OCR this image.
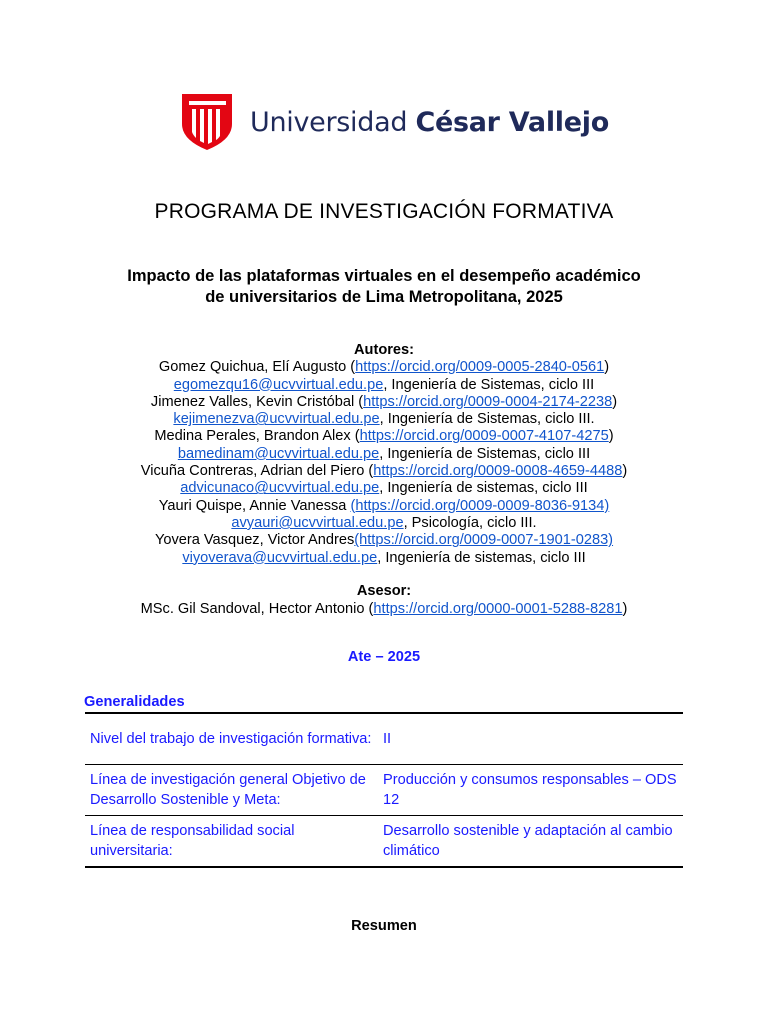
Universidad César Vallejo
PROGRAMA DE INVESTIGACIÓN FORMATIVA
Impacto de las plataformas virtuales en el desempeño académico
de universitarios de Lima Metropolitana, 2025
Autores:
Gomez Quichua, Elí Augusto (https://orcid.org/0009-0005-2840-0561)
egomezqu16@ucvvirtual.edu.pe, Ingeniería de Sistemas, ciclo III
Jimenez Valles, Kevin Cristóbal (https://orcid.org/0009-0004-2174-2238)
kejimenezva@ucvvirtual.edu.pe, Ingeniería de Sistemas, ciclo III.
Medina Perales, Brandon Alex (https://orcid.org/0009-0007-4107-4275)
bamedinam@ucvvirtual.edu.pe, Ingeniería de Sistemas, ciclo III
Vicuña Contreras, Adrian del Piero (https://orcid.org/0009-0008-4659-4488)
advicunaco@ucvvirtual.edu.pe, Ingeniería de sistemas, ciclo III
Yauri Quispe, Annie Vanessa (https://orcid.org/0009-0009-8036-9134)
avyauri@ucvvirtual.edu.pe, Psicología, ciclo III.
Yovera Vasquez, Victor Andres(https://orcid.org/0009-0007-1901-0283)
viyoverava@ucvvirtual.edu.pe, Ingeniería de sistemas, ciclo III
Asesor:
MSc. Gil Sandoval, Hector Antonio (https://orcid.org/0000-0001-5288-8281)
Ate – 2025
Generalidades
Nivel del trabajo de investigación formativa: II
Línea de investigación general Objetivo de Desarrollo Sostenible y Meta:
Producción y consumos responsables – ODS 12
Línea de responsabilidad social universitaria:
Desarrollo sostenible y adaptación al cambio climático
Resumen
